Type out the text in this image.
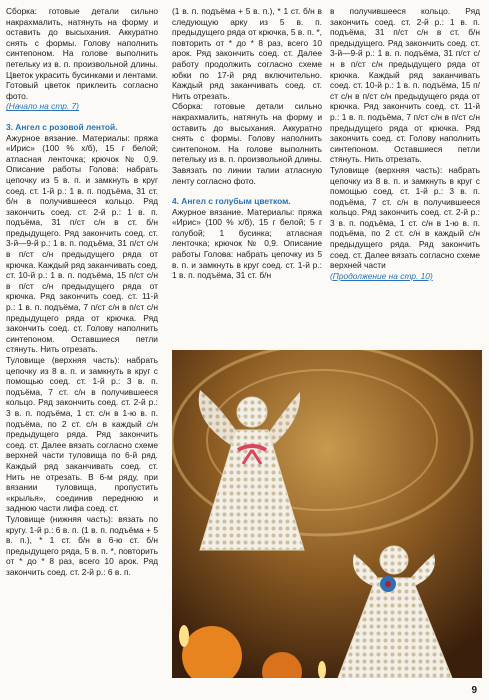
Сборка: готовые детали сильно накрахмалить, натянуть на форму и оставить до высыхания. Аккуратно снять с формы. Голову наполнить синтепоном. На голове выполнить петельку из в. п. произвольной длины. Цветок украсить бусинками и лентами. Готовый цветок приклеить согласно фото.

(Начало на стр. 7)

3. Ангел с розовой лентой.

Ажурное вязание. Материалы: пряжа «Ирис» (100 % х/б), 15 г белой; атласная ленточка; крючок № 0,9. Описание работы Голова: набрать цепочку из 5 в. п. и замкнуть в круг соед. ст. 1-й р.: 1 в. п. подъёма, 31 ст. б/н в получившееся кольцо. Ряд закончить соед. ст. 2-й р.: 1 в. п. подъёма, 31 п/ст с/н в ст. б/н предыдущего. Ряд закончить соед. ст. 3-й—9-й р.: 1 в. п. подъёма, 31 п/ст с/н в п/ст с/н предыдущего ряда от крючка. Каждый ряд заканчивать соед. ст. 10-й р.: 1 в. п. подъёма, 15 п/ст с/н в п/ст с/н предыдущего ряда от крючка. Ряд закончить соед. ст. 11-й р.: 1 в. п. подъёма, 7 п/ст с/н в п/ст с/н предыдущего ряда от крючка. Ряд закончить соед. ст. Голову наполнить синтепоном. Оставшиеся петли стянуть. Нить отрезать.

Туловище (верхняя часть): набрать цепочку из 8 в. п. и замкнуть в круг с помощью соед. ст. 1-й р.: 3 в. п. подъёма, 7 ст. с/н в получившееся кольцо. Ряд закончить соед. ст. 2-й р.: 3 в. п. подъёма, 1 ст. с/н в 1-ю в. п. подъёма, по 2 ст. с/н в каждый с/н предыдущего ряда. Ряд закончить соед. ст. Далее вязать согласно схеме верхней части туловища по 6-й ряд. Каждый ряд заканчивать соед. ст. Нить не отрезать. В 6-м ряду, при вязании туловища, пропустить «крылья», соединив переднюю и заднюю части лифа соед. ст.

Туловище (нижняя часть): вязать по кругу. 1-й р.: 6 в. п. (1 в. п. подъёма + 5 в. п.), * 1 ст. б/н в 6-ю ст. б/н предыдущего ряда, 5 в. п. *, повторить от * до * 8 раз, всего 10 арок. Ряд закончить соед. ст. 2-й р.: 6 в. п.

(1 в. п. подъёма + 5 в. п.), * 1 ст. б/н в следующую арку из 5 в. п. предыдущего ряда от крючка, 5 в. п. *, повторить от * до * 8 раз, всего 10 арок. Ряд закончить соед. ст. Далее работу продолжить согласно схеме юбки по 17-й ряд включительно. Каждый ряд заканчивать соед. ст. Нить отрезать.

Сборка: готовые детали сильно накрахмалить, натянуть на форму и оставить до высыхания. Аккуратно снять с формы. Голову наполнить синтепоном. На голове выполнить петельку из в. п. произвольной длины. Завязать по линии талии атласную ленту согласно фото.

4. Ангел с голубым цветком.

Ажурное вязание. Материалы: пряжа «Ирис» (100 % х/б), 15 г белой; 5 г голубой; 1 бусинка; атласная ленточка; крючок № 0,9. Описание работы Голова: набрать цепочку из 5 в. п. и замкнуть в круг соед. ст. 1-й р.: 1 в. п. подъёма, 31 ст. б/н

в получившееся кольцо. Ряд закончить соед. ст. 2-й р.: 1 в. п. подъёма, 31 п/ст с/н в ст. б/н предыдущего. Ряд закончить соед. ст. 3-й—9-й р.: 1 в. п. подъёма, 31 п/ст с/н в п/ст с/н предыдущего ряда от крючка. Каждый ряд заканчивать соед. ст. 10-й р.: 1 в. п. подъёма, 15 п/ст с/н в п/ст с/н предыдущего ряда от крючка. Ряд закончить соед. ст. 11-й р.: 1 в. п. подъёма, 7 п/ст с/н в п/ст с/н предыдущего ряда от крючка. Ряд закончить соед. ст. Голову наполнить синтепоном. Оставшиеся петли стянуть. Нить отрезать.

Туловище (верхняя часть): набрать цепочку из 8 в. п. и замкнуть в круг с помощью соед. ст. 1-й р.: 3 в. п. подъёма, 7 ст. с/н в получившееся кольцо. Ряд закончить соед. ст. 2-й р.: 3 в. п. подъёма, 1 ст. с/н в 1-ю в. п. подъёма, по 2 ст. с/н в каждый с/н предыдущего ряда. Ряд закончить соед. ст. Далее вязать согласно схеме верхней части

(Продолжение на стр. 10)

9
